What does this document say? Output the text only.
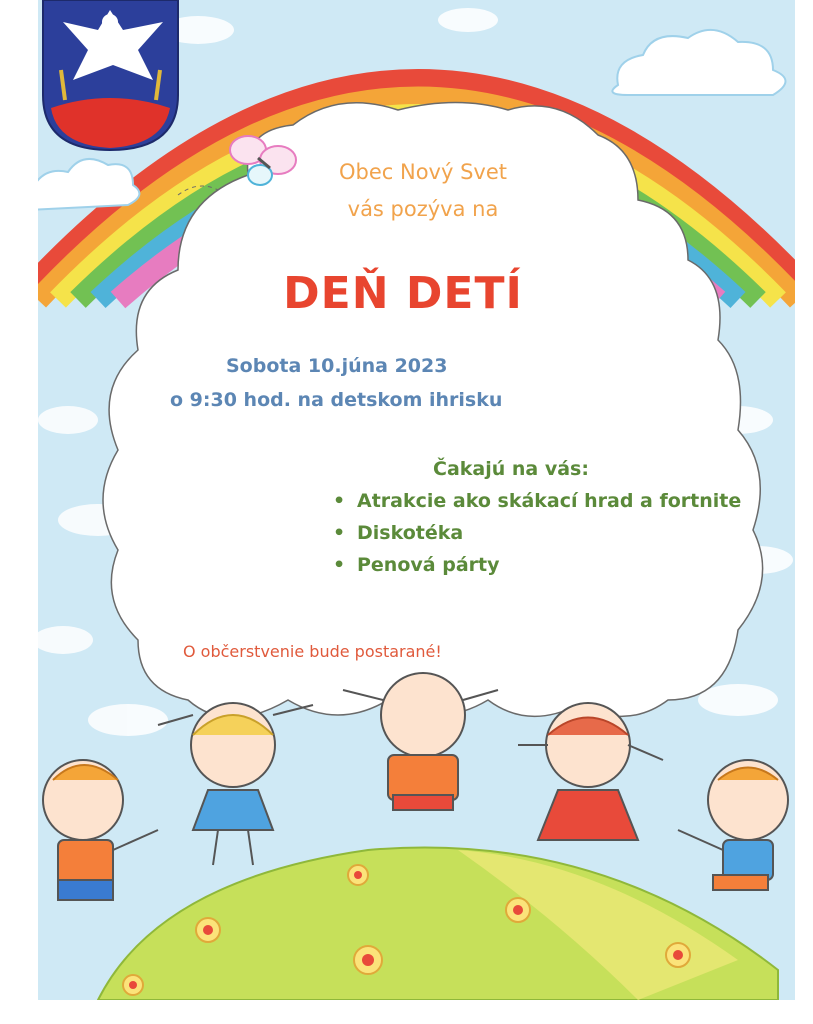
Obec Nový Svet
vás pozýva na
DEŇ DETÍ
Sobota 10.júna 2023
o 9:30 hod. na detskom ihrisku
Čakajú na vás:
• Atrakcie ako skákací hrad a fortnite
• Diskotéka
• Penová párty
O občerstvenie bude postarané!
